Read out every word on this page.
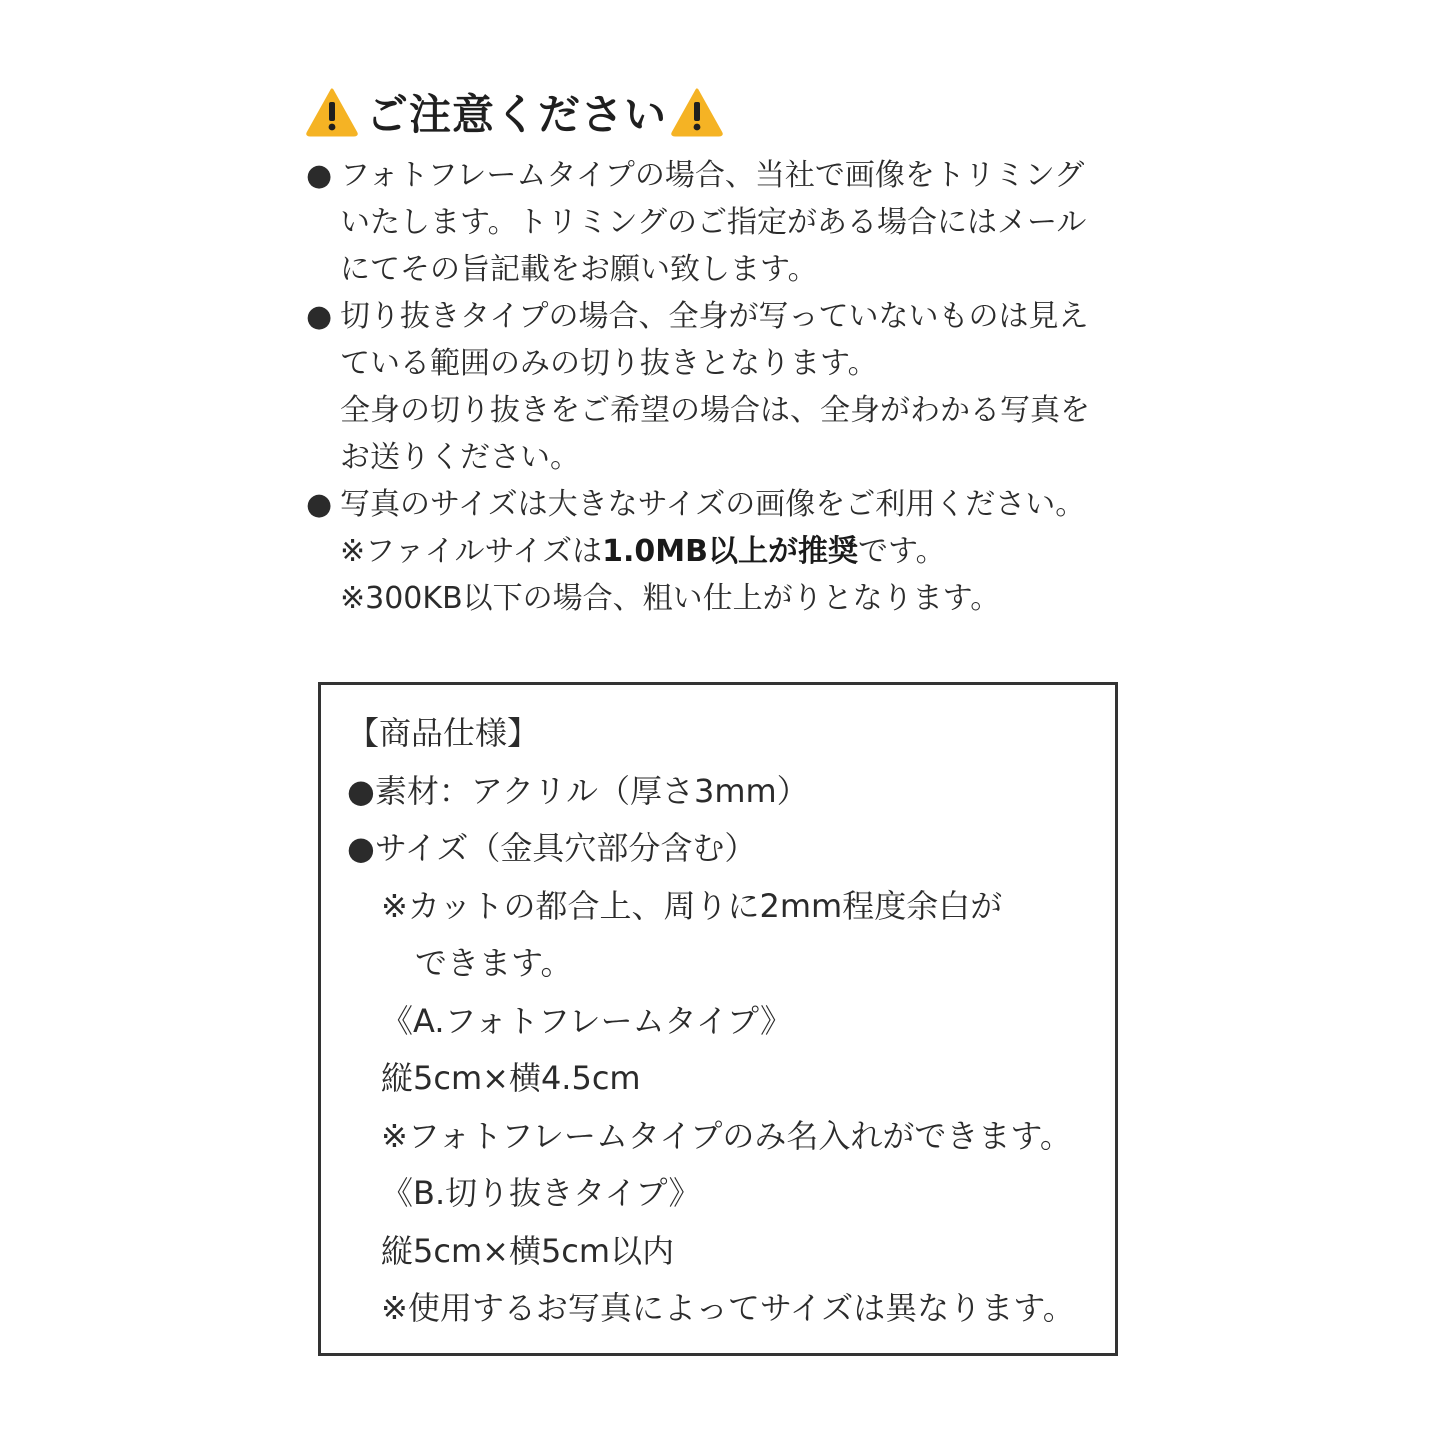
ご注意ください
● フォトフレームタイプの場合、当社で画像をトリミング
いたします。トリミングのご指定がある場合にはメール
にてその旨記載をお願い致します。
● 切り抜きタイプの場合、全身が写っていないものは見え
ている範囲のみの切り抜きとなります。
全身の切り抜きをご希望の場合は、全身がわかる写真を
お送りください。
● 写真のサイズは大きなサイズの画像をご利用ください。
※ファイルサイズは1.0MB以上が推奨です。
※300KB以下の場合、粗い仕上がりとなります。
【商品仕様】
●素材：アクリル（厚さ3mm）
●サイズ（金具穴部分含む）
※カットの都合上、周りに2mm程度余白が
できます。
《A.フォトフレームタイプ》
縦5cm×横4.5cm
※フォトフレームタイプのみ名入れができます。
《B.切り抜きタイプ》
縦5cm×横5cm以内
※使用するお写真によってサイズは異なります。
